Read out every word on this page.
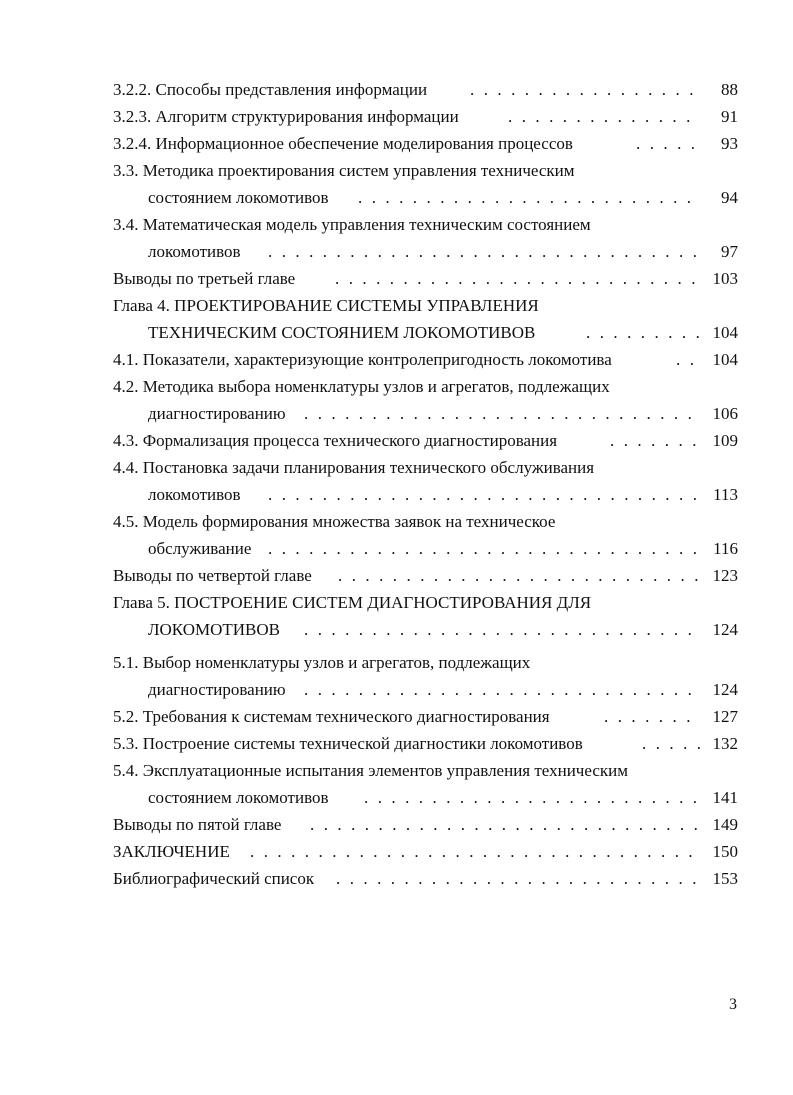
3.2.2. Способы представления информации . . .	88
3.2.3. Алгоритм структурирования информации . . .	91
3.2.4. Информационное обеспечение моделирования процессов . . .	93
3.3. Методика проектирования систем управления техническим
состоянием локомотивов . . .	94
3.4. Математическая модель управления техническим состоянием
локомотивов . . .	97
Выводы по третьей главе . . .	103
Глава 4. ПРОЕКТИРОВАНИЕ СИСТЕМЫ УПРАВЛЕНИЯ
ТЕХНИЧЕСКИМ СОСТОЯНИЕМ ЛОКОМОТИВОВ . . .	104
4.1. Показатели, характеризующие контролепригодность локомотива . . .	104
4.2. Методика выбора номенклатуры узлов и агрегатов, подлежащих
диагностированию . . .	106
4.3. Формализация процесса технического диагностирования . . .	109
4.4. Постановка задачи планирования технического обслуживания
локомотивов . . .	113
4.5. Модель формирования множества заявок на техническое
обслуживание . . .	116
Выводы по четвертой главе . . .	123
Глава 5. ПОСТРОЕНИЕ СИСТЕМ ДИАГНОСТИРОВАНИЯ ДЛЯ
ЛОКОМОТИВОВ . . .	124
5.1. Выбор номенклатуры узлов и агрегатов, подлежащих
диагностированию . . .	124
5.2. Требования к системам технического диагностирования . . .	127
5.3. Построение системы технической диагностики локомотивов . . .	132
5.4. Эксплуатационные испытания элементов управления техническим
состоянием локомотивов . . .	141
Выводы по пятой главе . . .	149
ЗАКЛЮЧЕНИЕ . . .	150
Библиографический список . . .	153
3
